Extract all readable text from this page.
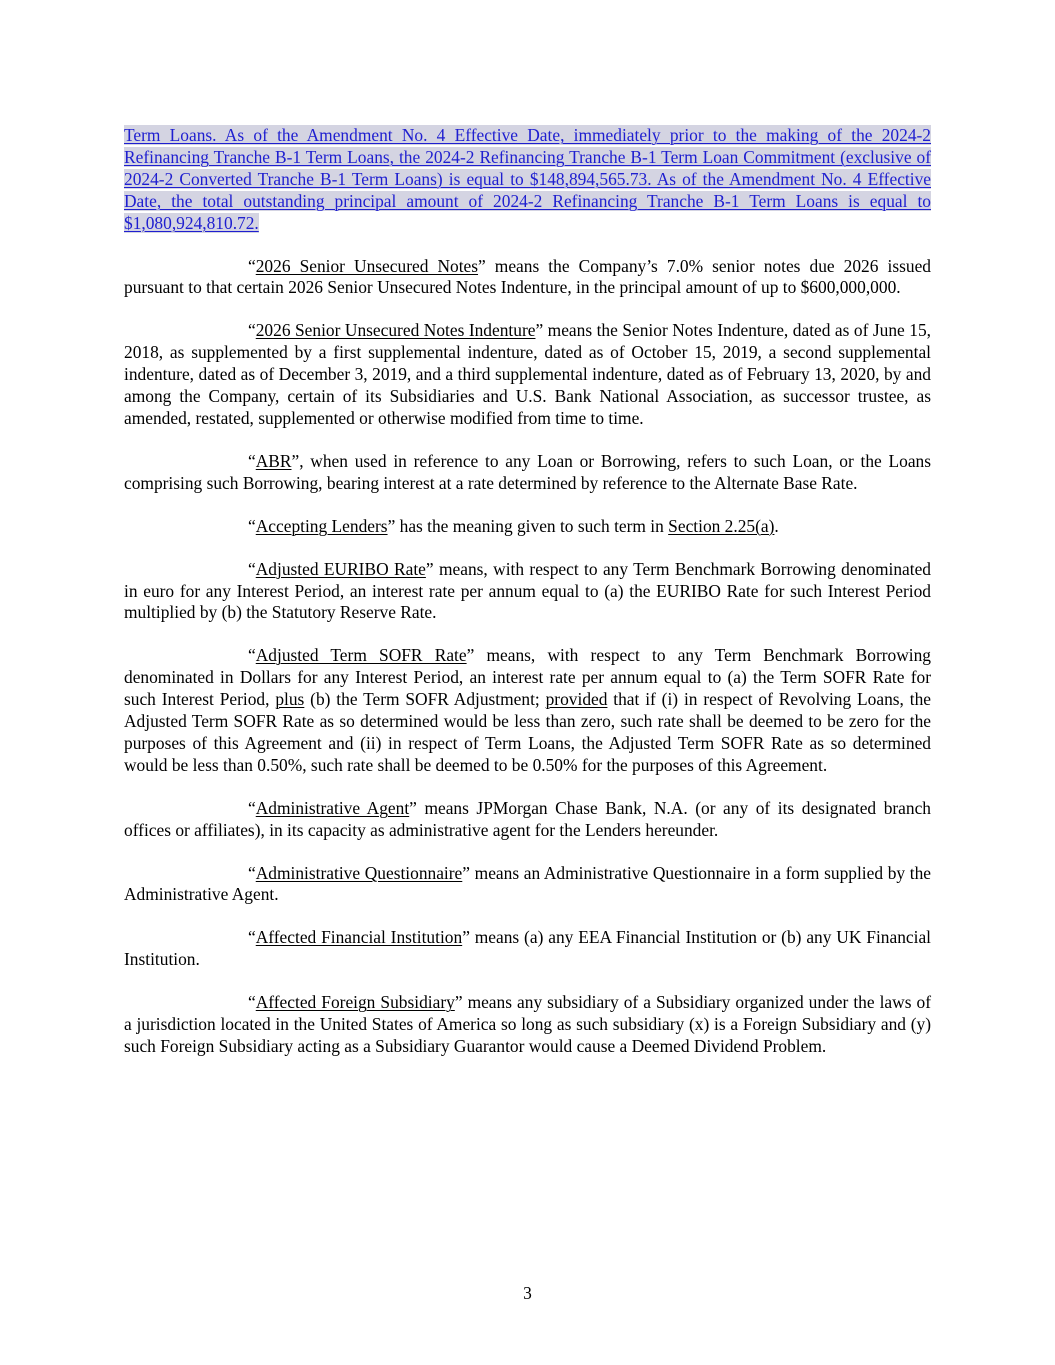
Term Loans. As of the Amendment No. 4 Effective Date, immediately prior to the making of the 2024-2 Refinancing Tranche B-1 Term Loans, the 2024-2 Refinancing Tranche B-1 Term Loan Commitment (exclusive of 2024-2 Converted Tranche B-1 Term Loans) is equal to $148,894,565.73. As of the Amendment No. 4 Effective Date, the total outstanding principal amount of 2024-2 Refinancing Tranche B-1 Term Loans is equal to $1,080,924,810.72.

“2026 Senior Unsecured Notes” means the Company’s 7.0% senior notes due 2026 issued pursuant to that certain 2026 Senior Unsecured Notes Indenture, in the principal amount of up to $600,000,000.

“2026 Senior Unsecured Notes Indenture” means the Senior Notes Indenture, dated as of June 15, 2018, as supplemented by a first supplemental indenture, dated as of October 15, 2019, a second supplemental indenture, dated as of December 3, 2019, and a third supplemental indenture, dated as of February 13, 2020, by and among the Company, certain of its Subsidiaries and U.S. Bank National Association, as successor trustee, as amended, restated, supplemented or otherwise modified from time to time.

“ABR”, when used in reference to any Loan or Borrowing, refers to such Loan, or the Loans comprising such Borrowing, bearing interest at a rate determined by reference to the Alternate Base Rate.

“Accepting Lenders” has the meaning given to such term in Section 2.25(a).

“Adjusted EURIBO Rate” means, with respect to any Term Benchmark Borrowing denominated in euro for any Interest Period, an interest rate per annum equal to (a) the EURIBO Rate for such Interest Period multiplied by (b) the Statutory Reserve Rate.

“Adjusted Term SOFR Rate” means, with respect to any Term Benchmark Borrowing denominated in Dollars for any Interest Period, an interest rate per annum equal to (a) the Term SOFR Rate for such Interest Period, plus (b) the Term SOFR Adjustment; provided that if (i) in respect of Revolving Loans, the Adjusted Term SOFR Rate as so determined would be less than zero, such rate shall be deemed to be zero for the purposes of this Agreement and (ii) in respect of Term Loans, the Adjusted Term SOFR Rate as so determined would be less than 0.50%, such rate shall be deemed to be 0.50% for the purposes of this Agreement.

“Administrative Agent” means JPMorgan Chase Bank, N.A. (or any of its designated branch offices or affiliates), in its capacity as administrative agent for the Lenders hereunder.

“Administrative Questionnaire” means an Administrative Questionnaire in a form supplied by the Administrative Agent.

“Affected Financial Institution” means (a) any EEA Financial Institution or (b) any UK Financial Institution.

“Affected Foreign Subsidiary” means any subsidiary of a Subsidiary organized under the laws of a jurisdiction located in the United States of America so long as such subsidiary (x) is a Foreign Subsidiary and (y) such Foreign Subsidiary acting as a Subsidiary Guarantor would cause a Deemed Dividend Problem.

3
